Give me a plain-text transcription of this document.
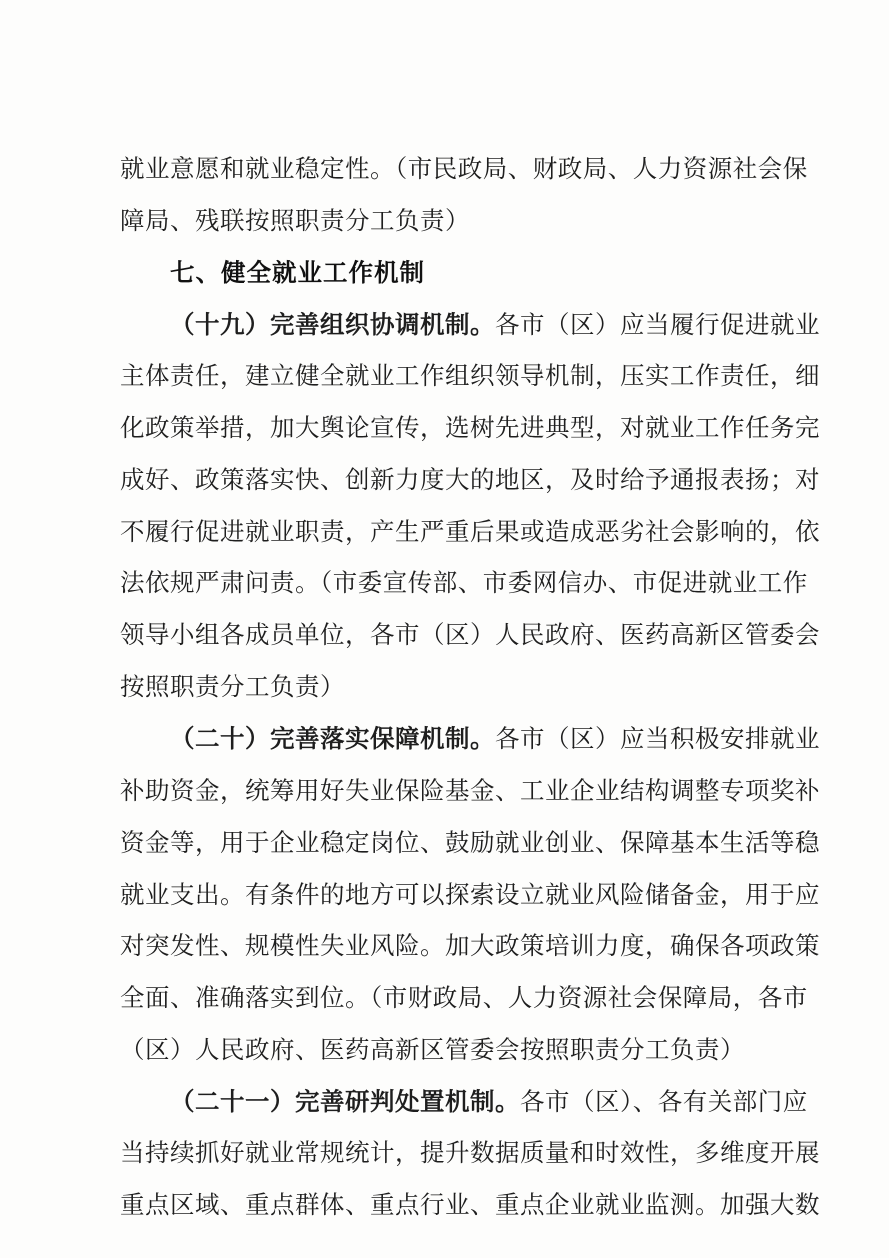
就业意愿和就业稳定性。（市民政局、财政局、人力资源社会保
障局、残联按照职责分工负责）
七、健全就业工作机制
（十九）完善组织协调机制。各市（区）应当履行促进就业
主体责任，建立健全就业工作组织领导机制，压实工作责任，细
化政策举措，加大舆论宣传，选树先进典型，对就业工作任务完
成好、政策落实快、创新力度大的地区，及时给予通报表扬；对
不履行促进就业职责，产生严重后果或造成恶劣社会影响的，依
法依规严肃问责。（市委宣传部、市委网信办、市促进就业工作
领导小组各成员单位，各市（区）人民政府、医药高新区管委会
按照职责分工负责）
（二十）完善落实保障机制。各市（区）应当积极安排就业
补助资金，统筹用好失业保险基金、工业企业结构调整专项奖补
资金等，用于企业稳定岗位、鼓励就业创业、保障基本生活等稳
就业支出。有条件的地方可以探索设立就业风险储备金，用于应
对突发性、规模性失业风险。加大政策培训力度，确保各项政策
全面、准确落实到位。（市财政局、人力资源社会保障局，各市
（区）人民政府、医药高新区管委会按照职责分工负责）
（二十一）完善研判处置机制。各市（区）、各有关部门应
当持续抓好就业常规统计，提升数据质量和时效性，多维度开展
重点区域、重点群体、重点行业、重点企业就业监测。加强大数
